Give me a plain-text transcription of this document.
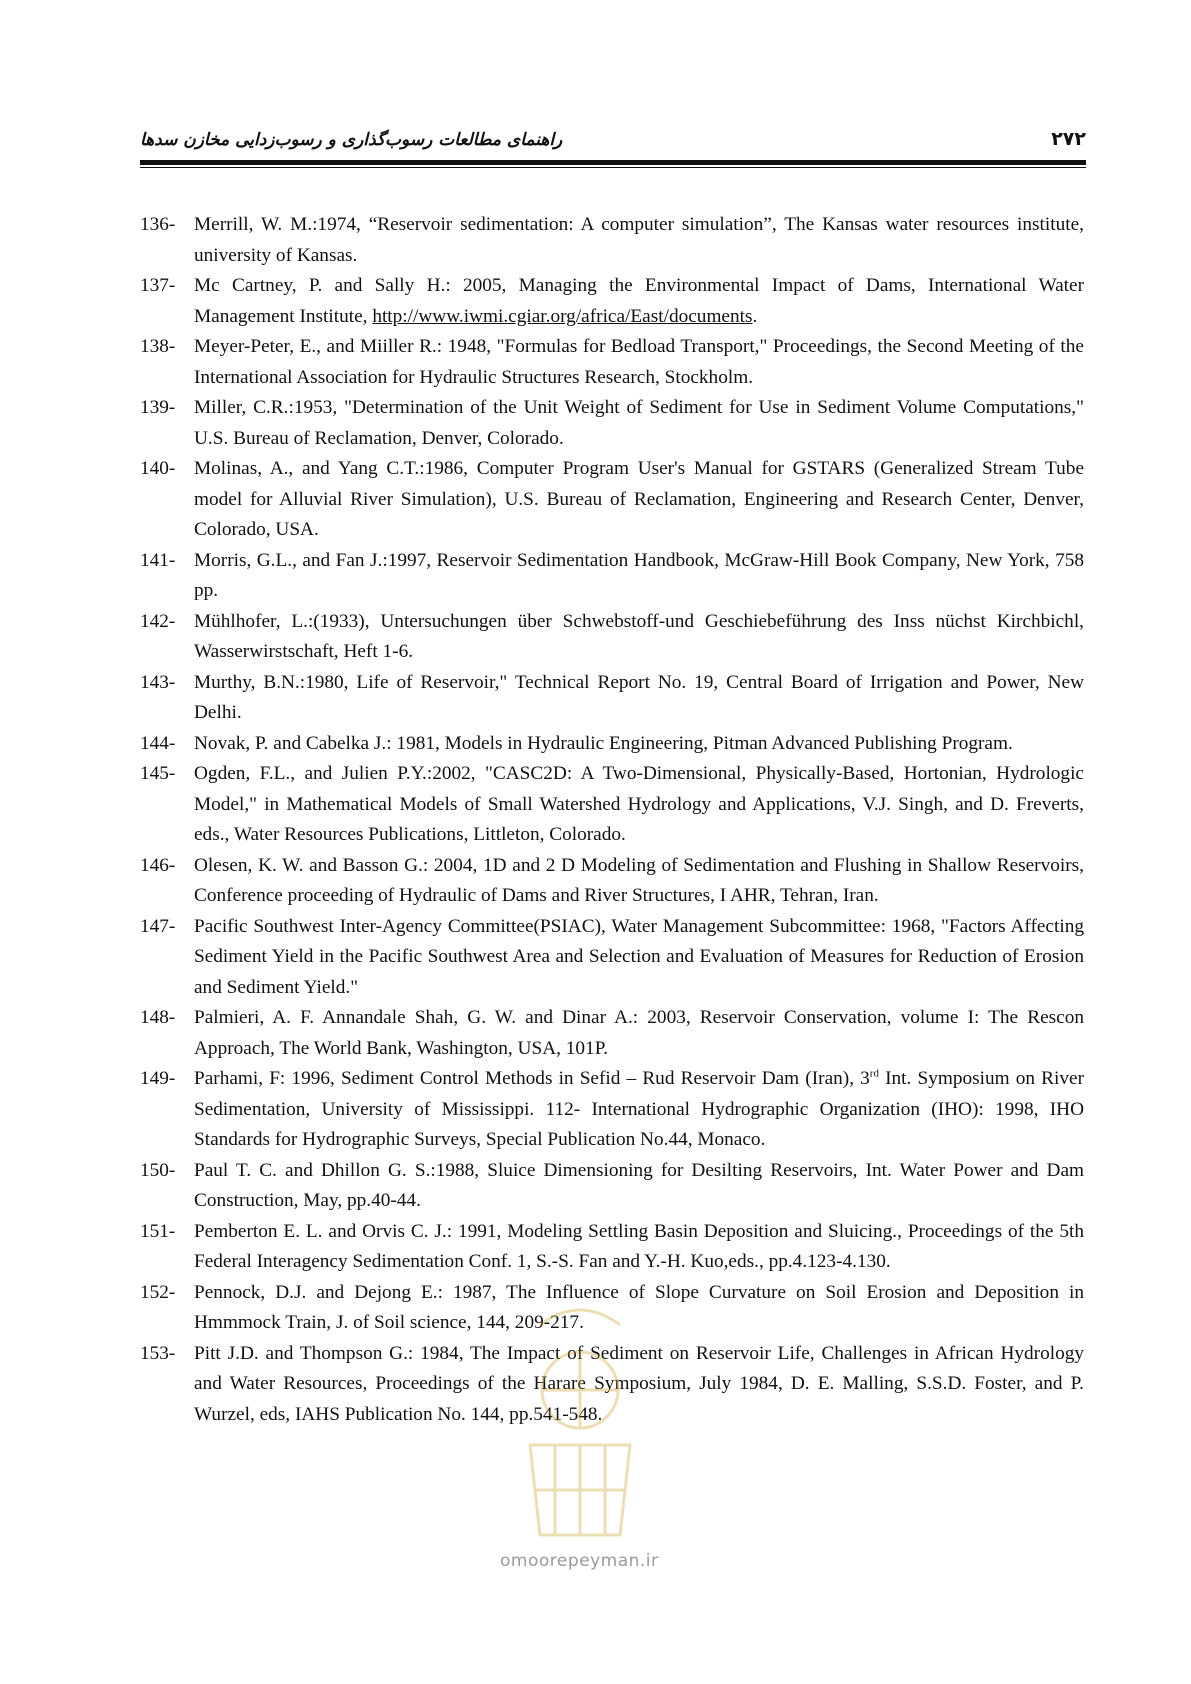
راهنمای مطالعات رسوب‌گذاری و رسوب‌زدایی مخازن سدها	۲۷۲

136- Merrill, W. M.:1974, “Reservoir sedimentation: A computer simulation”, The Kansas water resources institute, university of Kansas.

137- Mc Cartney, P. and Sally H.: 2005, Managing the Environmental Impact of Dams, International Water Management Institute, http://www.iwmi.cgiar.org/africa/East/documents.

138- Meyer-Peter, E., and Miiller R.: 1948, "Formulas for Bedload Transport," Proceedings, the Second Meeting of the International Association for Hydraulic Structures Research, Stockholm.

139- Miller, C.R.:1953, "Determination of the Unit Weight of Sediment for Use in Sediment Volume Computations," U.S. Bureau of Reclamation, Denver, Colorado.

140- Molinas, A., and Yang C.T.:1986, Computer Program User's Manual for GSTARS (Generalized Stream Tube model for Alluvial River Simulation), U.S. Bureau of Reclamation, Engineering and Research Center, Denver, Colorado, USA.

141- Morris, G.L., and Fan J.:1997, Reservoir Sedimentation Handbook, McGraw-Hill Book Company, New York, 758 pp.

142- Mühlhofer, L.:(1933), Untersuchungen über Schwebstoff-und Geschiebeführung des Inss nüchst Kirchbichl, Wasserwirstschaft, Heft 1-6.

143- Murthy, B.N.:1980, Life of Reservoir," Technical Report No. 19, Central Board of Irrigation and Power, New Delhi.

144- Novak, P. and Cabelka J.: 1981, Models in Hydraulic Engineering, Pitman Advanced Publishing Program.

145- Ogden, F.L., and Julien P.Y.:2002, "CASC2D: A Two-Dimensional, Physically-Based, Hortonian, Hydrologic Model," in Mathematical Models of Small Watershed Hydrology and Applications, V.J. Singh, and D. Freverts, eds., Water Resources Publications, Littleton, Colorado.

146- Olesen, K. W. and Basson G.: 2004, 1D and 2 D Modeling of Sedimentation and Flushing in Shallow Reservoirs, Conference proceeding of Hydraulic of Dams and River Structures, I AHR, Tehran, Iran.

147- Pacific Southwest Inter-Agency Committee(PSIAC), Water Management Subcommittee: 1968, "Factors Affecting Sediment Yield in the Pacific Southwest Area and Selection and Evaluation of Measures for Reduction of Erosion and Sediment Yield."

148- Palmieri, A. F. Annandale Shah, G. W. and Dinar A.: 2003, Reservoir Conservation, volume I: The Rescon Approach, The World Bank, Washington, USA, 101P.

149- Parhami, F: 1996, Sediment Control Methods in Sefid – Rud Reservoir Dam (Iran), 3rd Int. Symposium on River Sedimentation, University of Mississippi. 112- International Hydrographic Organization (IHO): 1998, IHO Standards for Hydrographic Surveys, Special Publication No.44, Monaco.

150- Paul T. C. and Dhillon G. S.:1988, Sluice Dimensioning for Desilting Reservoirs, Int. Water Power and Dam Construction, May, pp.40-44.

151- Pemberton E. L. and Orvis C. J.: 1991, Modeling Settling Basin Deposition and Sluicing., Proceedings of the 5th Federal Interagency Sedimentation Conf. 1, S.-S. Fan and Y.-H. Kuo,eds., pp.4.123-4.130.

152- Pennock, D.J. and Dejong E.: 1987, The Influence of Slope Curvature on Soil Erosion and Deposition in Hmmmock Train, J. of Soil science, 144, 209-217.

153- Pitt J.D. and Thompson G.: 1984, The Impact of Sediment on Reservoir Life, Challenges in African Hydrology and Water Resources, Proceedings of the Harare Symposium, July 1984, D. E. Malling, S.S.D. Foster, and P. Wurzel, eds, IAHS Publication No. 144, pp.541-548.

omoorepeyman.ir
